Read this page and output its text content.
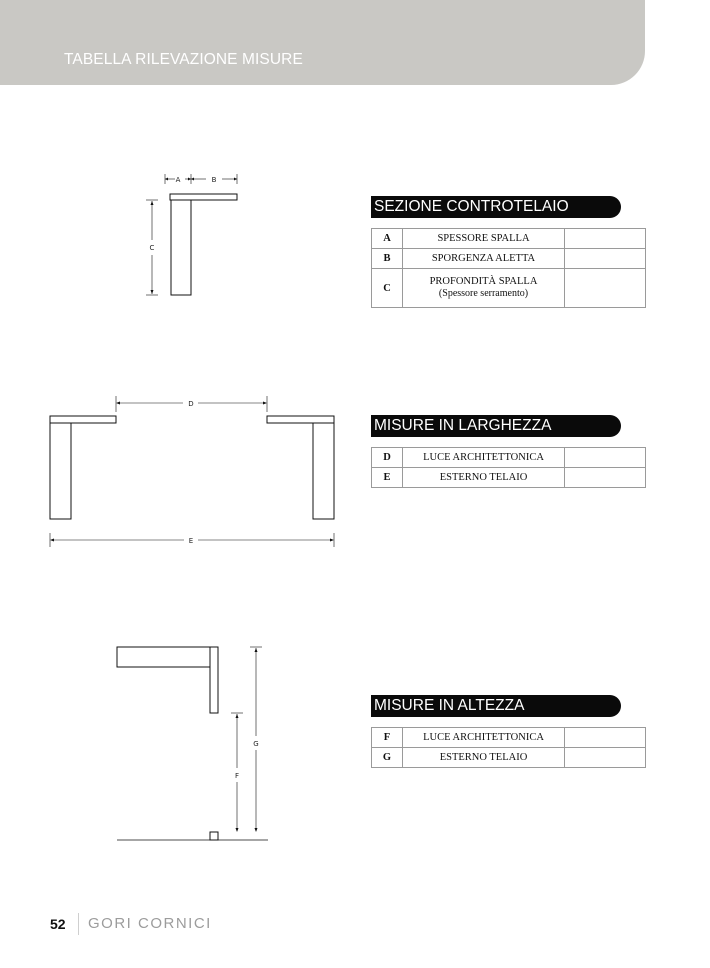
TABELLA RILEVAZIONE MISURE
A	B
C
D
E
F
G
SEZIONE CONTROTELAIO
A	SPESSORE SPALLA	
B	SPORGENZA ALETTA	
C	PROFONDITÀ SPALLA
(Spessore serramento)	

MISURE IN LARGHEZZA
D	LUCE ARCHITETTONICA	
E	ESTERNO TELAIO	
MISURE IN ALTEZZA
F	LUCE ARCHITETTONICA	
G	ESTERNO TELAIO	
52 GORI CORNICI
